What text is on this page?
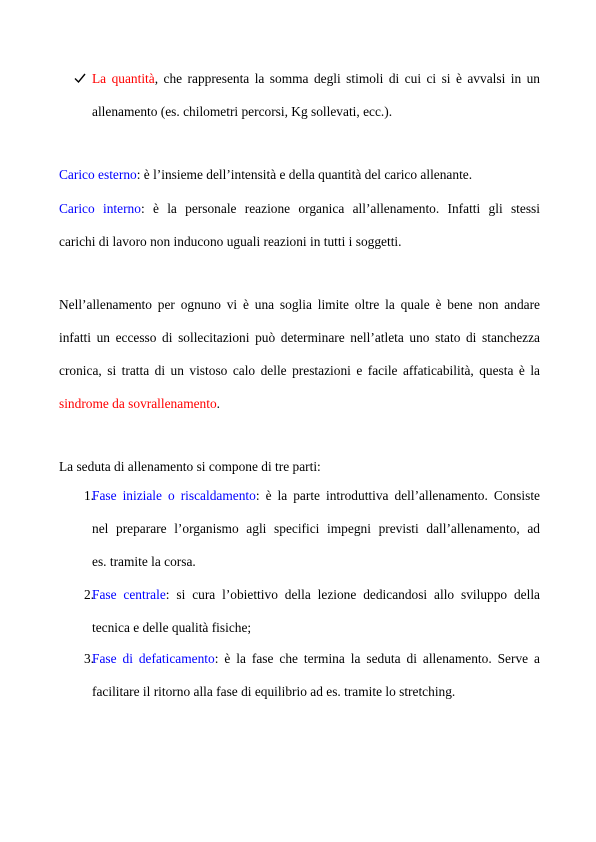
La quantità, che rappresenta la somma degli stimoli di cui ci si è avvalsi in un
allenamento (es. chilometri percorsi, Kg sollevati, ecc.).
Carico esterno: è l’insieme dell’intensità e della quantità del carico allenante.
Carico interno: è la personale reazione organica all’allenamento. Infatti gli stessi
carichi di lavoro non inducono uguali reazioni in tutti i soggetti.
Nell’allenamento per ognuno vi è una soglia limite oltre la quale è bene non andare
infatti un eccesso di sollecitazioni può determinare nell’atleta uno stato di stanchezza
cronica, si tratta di un vistoso calo delle prestazioni e facile affaticabilità, questa è la
sindrome da sovrallenamento.
La seduta di allenamento si compone di tre parti:
1.
Fase iniziale o riscaldamento: è la parte introduttiva dell’allenamento. Consiste
nel preparare l’organismo agli specifici impegni previsti dall’allenamento, ad
es. tramite la corsa.
2.
Fase centrale: si cura l’obiettivo della lezione dedicandosi allo sviluppo della
tecnica e delle qualità fisiche;
3.
Fase di defaticamento: è la fase che termina la seduta di allenamento. Serve a
facilitare il ritorno alla fase di equilibrio ad es. tramite lo stretching.
